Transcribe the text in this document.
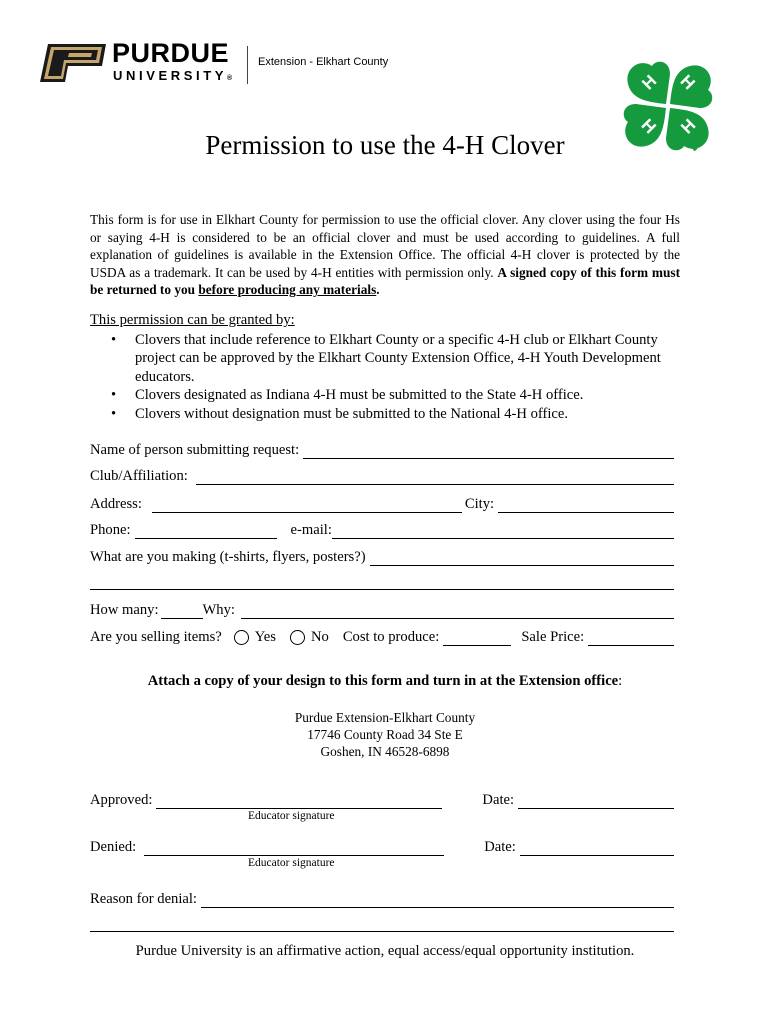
PURDUE
UNIVERSITY®
Extension - Elkhart County
H H
H
H
Permission to use the 4-H Clover

This form is for use in Elkhart County for permission to use the official clover. Any clover using the four Hs or saying 4-H is considered to be an official clover and must be used according to guidelines. A full explanation of guidelines is available in the Extension Office. The official 4-H clover is protected by the USDA as a trademark. It can be used by 4-H entities with permission only. A signed copy of this form must be returned to you before producing any materials.

This permission can be granted by:
• Clovers that include reference to Elkhart County or a specific 4-H club or Elkhart County project can be approved by the Elkhart County Extension Office, 4-H Youth Development educators.
• Clovers designated as Indiana 4-H must be submitted to the State 4-H office.
• Clovers without designation must be submitted to the National 4-H office.
Name of person submitting request:
Club/Affiliation:
Address:	City:
Phone:	e-mail:
What are you making (t-shirts, flyers, posters?)
How many:	Why:
Are you selling items? Yes No Cost to produce:	Sale Price:
Attach a copy of your design to this form and turn in at the Extension office:
Purdue Extension-Elkhart County
17746 County Road 34 Ste E
Goshen, IN 46528-6898
Approved:	Date:
Educator signature
Denied:	Date:
Educator signature
Reason for denial:
Purdue University is an affirmative action, equal access/equal opportunity institution.
